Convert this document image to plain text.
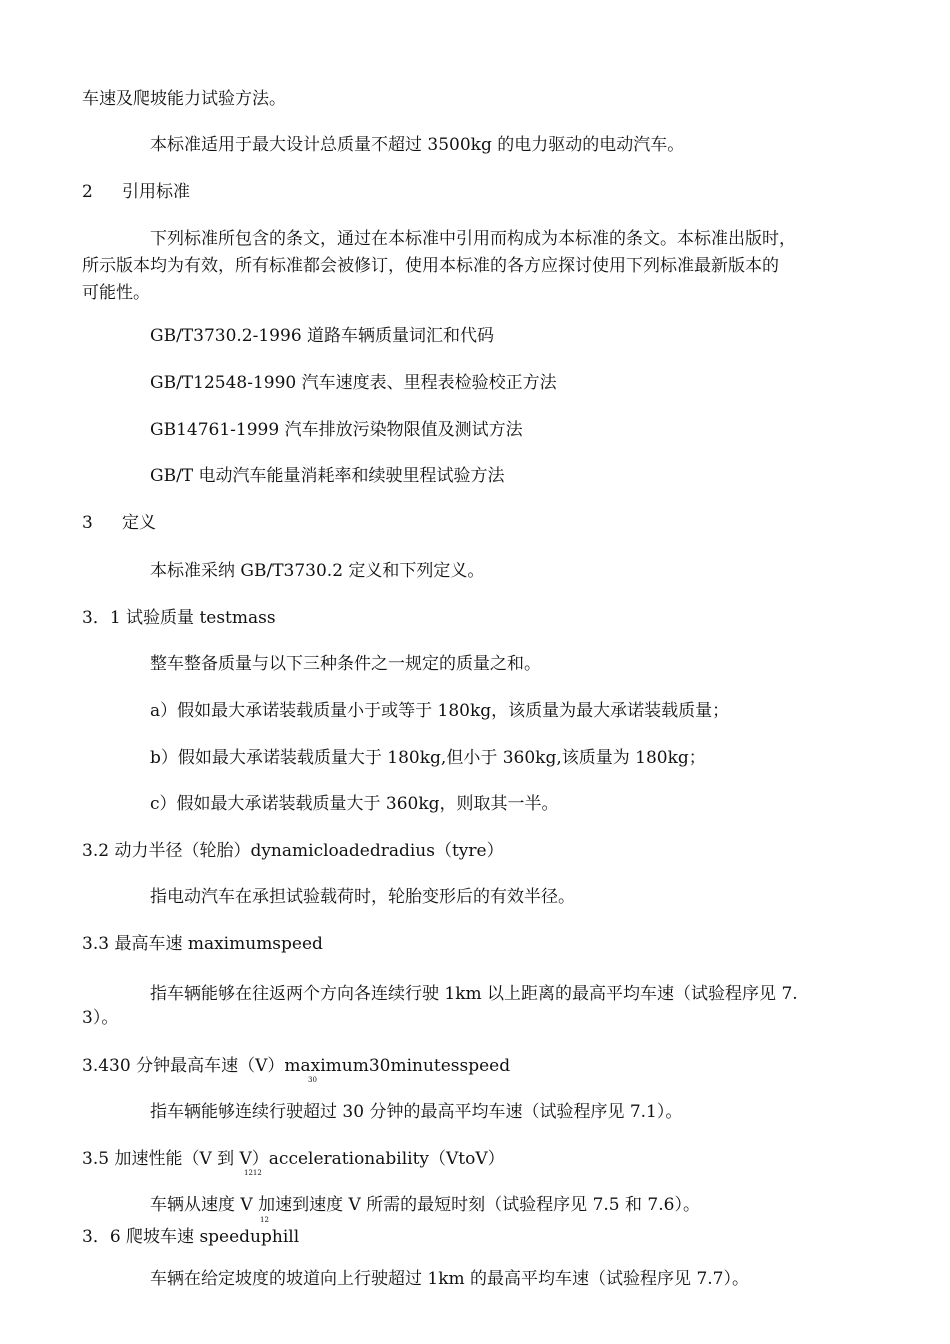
车速及爬坡能力试验方法。
本标准适用于最大设计总质量不超过 3500kg 的电力驱动的电动汽车。
2 引用标准
下列标准所包含的条文，通过在本标准中引用而构成为本标准的条文。本标准出版时，
所示版本均为有效，所有标准都会被修订，使用本标准的各方应探讨使用下列标准最新版本的
可能性。
GB/T3730.2-1996 道路车辆质量词汇和代码
GB/T12548-1990 汽车速度表、里程表检验校正方法
GB14761-1999 汽车排放污染物限值及测试方法
GB/T 电动汽车能量消耗率和续驶里程试验方法
3 定义
本标准采纳 GB/T3730.2 定义和下列定义。
3．1 试验质量 testmass
整车整备质量与以下三种条件之一规定的质量之和。
a）假如最大承诺装载质量小于或等于 180kg，该质量为最大承诺装载质量；
b）假如最大承诺装载质量大于 180kg,但小于 360kg,该质量为 180kg；
c）假如最大承诺装载质量大于 360kg，则取其一半。
3.2 动力半径（轮胎）dynamicloadedradius（tyre）
指电动汽车在承担试验载荷时，轮胎变形后的有效半径。
3.3 最高车速 maximumspeed
指车辆能够在往返两个方向各连续行驶 1km 以上距离的最高平均车速（试验程序见 7.
3）。
3.430 分钟最高车速（V）maximum30minutesspeed
30
指车辆能够连续行驶超过 30 分钟的最高平均车速（试验程序见 7.1）。
3.5 加速性能（V 到 V）accelerationability（VtoV）
1212
车辆从速度 V 加速到速度 V 所需的最短时刻（试验程序见 7.5 和 7.6）。
12
3．6 爬坡车速 speeduphill
车辆在给定坡度的坡道向上行驶超过 1km 的最高平均车速（试验程序见 7.7）。
